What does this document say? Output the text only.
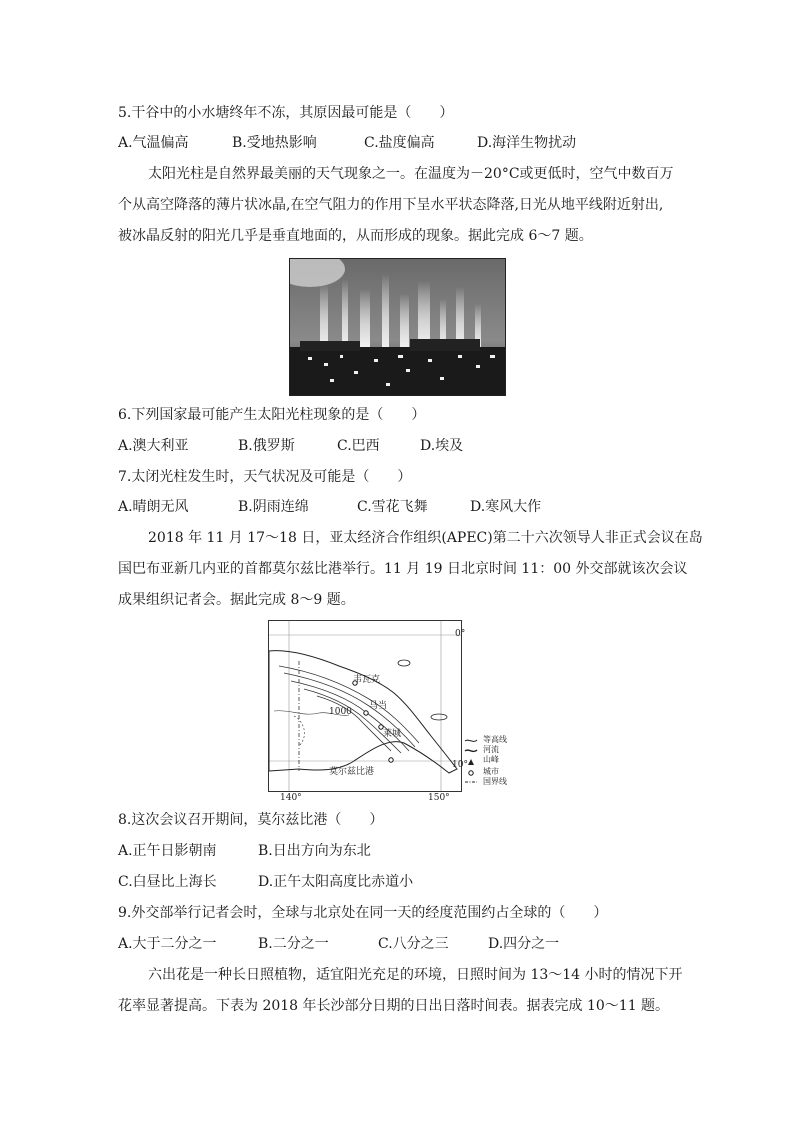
5.干谷中的小水塘终年不冻，其原因最可能是（　　）
A.气温偏高	B.受地热影响	C.盐度偏高	D.海洋生物扰动
太阳光柱是自然界最美丽的天气现象之一。在温度为－20°C或更低时，空气中数百万
个从高空降落的薄片状冰晶,在空气阻力的作用下呈水平状态降落,日光从地平线附近射出,
被冰晶反射的阳光几乎是垂直地面的，从而形成的现象。据此完成 6～7 题。
6.下列国家最可能产生太阳光柱现象的是（　　）
A.澳大利亚	B.俄罗斯	C.巴西	D.埃及
7.太闭光柱发生时，天气状况及可能是（　　）
A.晴朗无风	B.阴雨连绵	C.雪花飞舞	D.寒风大作
2018 年 11 月 17～18 日，亚太经济合作组织(APEC)第二十六次领导人非正式会议在岛
国巴布亚新几内亚的首都莫尔兹比港举行。11 月 19 日北京时间 11：00 外交部就该次会议
成果组织记者会。据此完成 8～9 题。
0°
韦瓦克
马当
1000
莱城
莫尔兹比港
10°
140°	150°
等高线
河流
山峰
城市
国界线
8.这次会议召开期间，莫尔兹比港（　　）
A.正午日影朝南	B.日出方向为东北
C.白昼比上海长	D.正午太阳高度比赤道小
9.外交部举行记者会时，全球与北京处在同一天的经度范围约占全球的（　　）
A.大于二分之一	B.二分之一	C.八分之三	D.四分之一
六出花是一种长日照植物，适宜阳光充足的环境，日照时间为 13～14 小时的情况下开
花率显著提高。下表为 2018 年长沙部分日期的日出日落时间表。据表完成 10～11 题。
